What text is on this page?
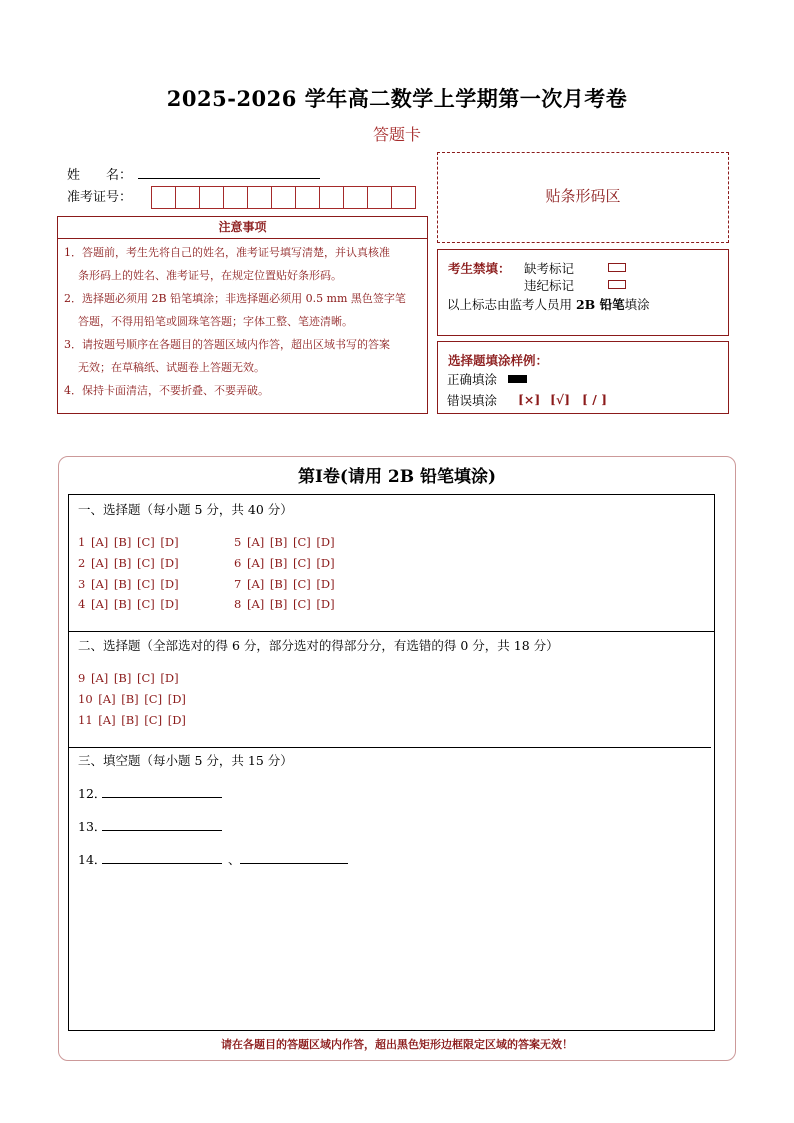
2025-2026 学年高二数学上学期第一次月考卷
答题卡
姓　　名：
准考证号：
注意事项
1．答题前，考生先将自己的姓名，准考证号填写清楚，并认真核准
条形码上的姓名、准考证号，在规定位置贴好条形码。
2．选择题必须用 2B 铅笔填涂；非选择题必须用 0.5 mm 黑色签字笔
答题，不得用铅笔或圆珠笔答题；字体工整、笔迹清晰。
3．请按题号顺序在各题目的答题区域内作答，超出区域书写的答案
无效；在草稿纸、试题卷上答题无效。
4．保持卡面清洁，不要折叠、不要弄破。
贴条形码区
考生禁填： 缺考标记
违纪标记
以上标志由监考人员用 2B 铅笔填涂
选择题填涂样例：
正确填涂
错误填涂 [×] [√] [ / ]
第Ⅰ卷(请用 2B 铅笔填涂)
一、选择题（每小题 5 分，共 40 分）
1 [A] [B] [C] [D]
2 [A] [B] [C] [D]
3 [A] [B] [C] [D]
4 [A] [B] [C] [D]
5 [A] [B] [C] [D]
6 [A] [B] [C] [D]
7 [A] [B] [C] [D]
8 [A] [B] [C] [D]
二、选择题（全部选对的得 6 分，部分选对的得部分分，有选错的得 0 分，共 18 分）
9 [A] [B] [C] [D]
10 [A] [B] [C] [D]
11 [A] [B] [C] [D]
三、填空题（每小题 5 分，共 15 分）
12．
13．
14．	、
请在各题目的答题区域内作答，超出黑色矩形边框限定区域的答案无效！
